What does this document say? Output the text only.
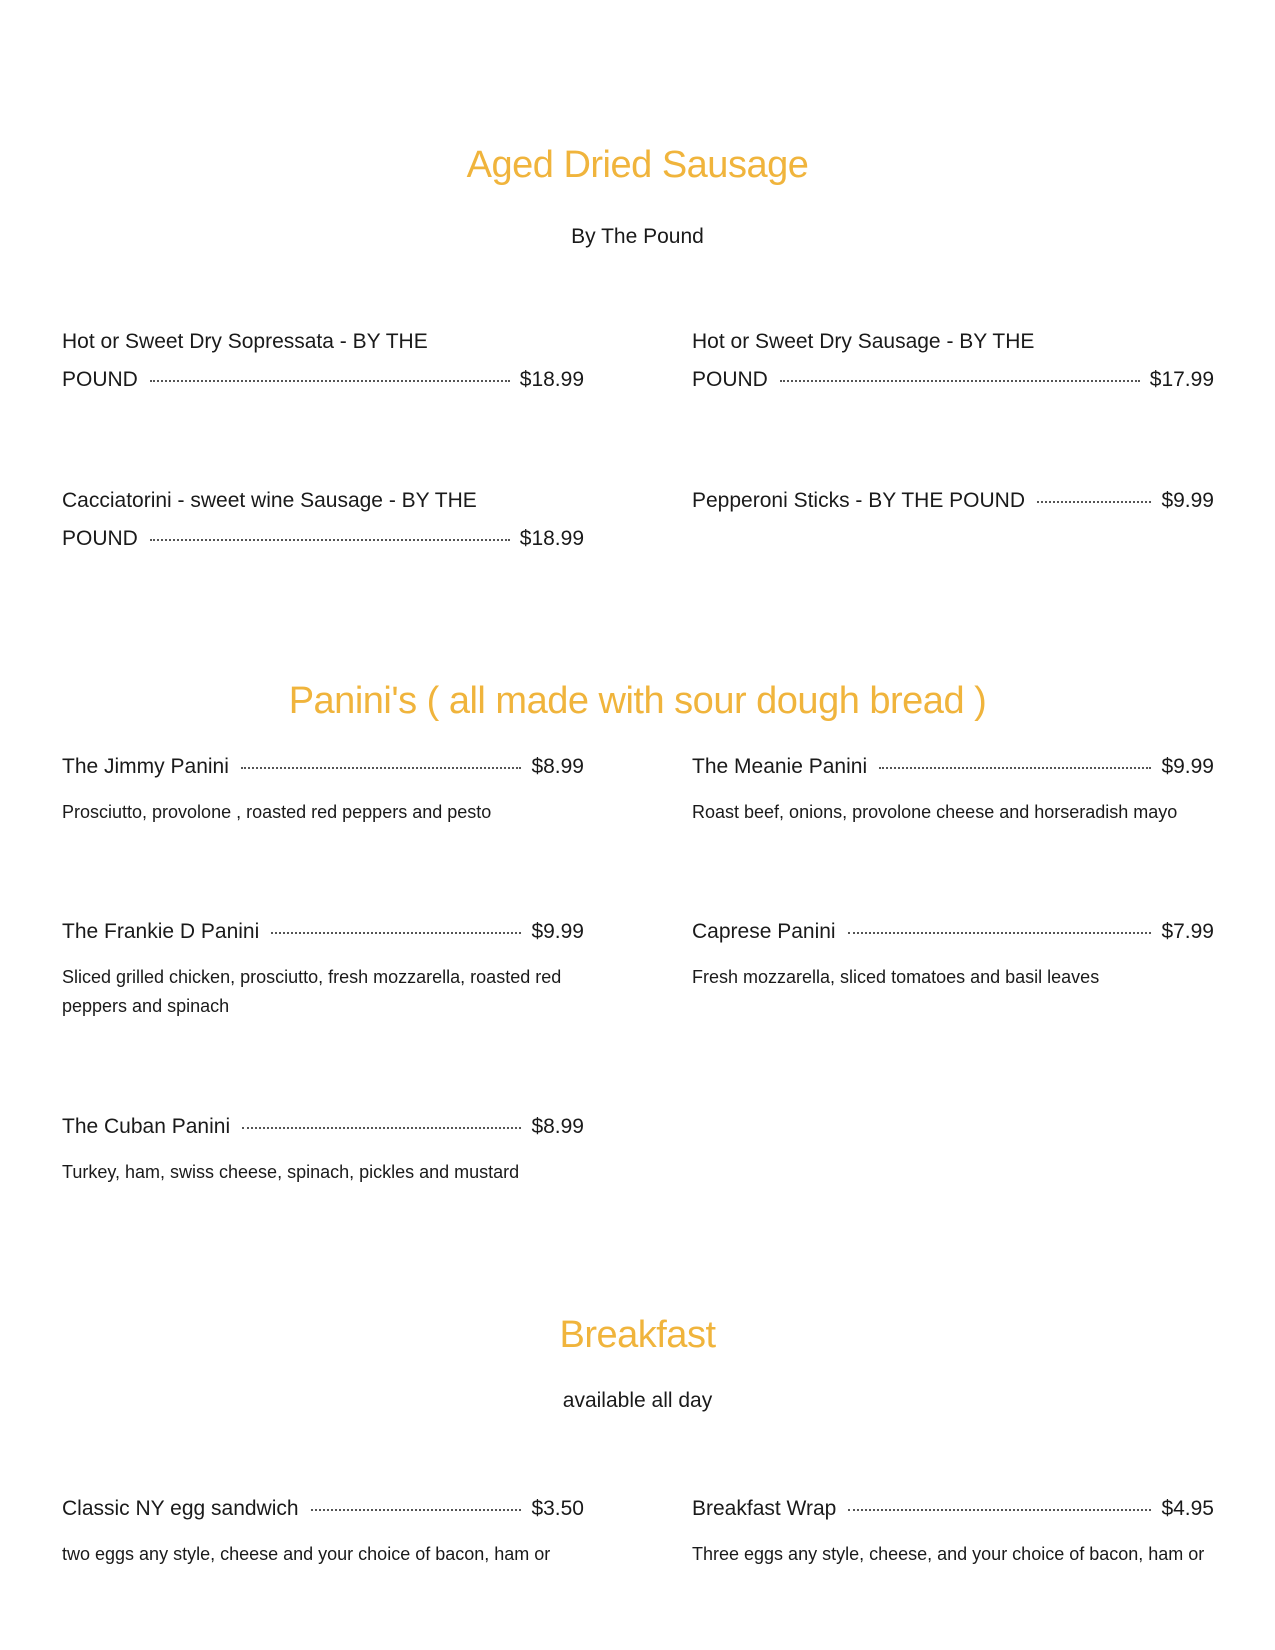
Aged Dried Sausage
By The Pound
Hot or Sweet Dry Sopressata - BY THE
POUND	$18.99
Hot or Sweet Dry Sausage - BY THE
POUND	$17.99
Cacciatorini - sweet wine Sausage - BY THE
POUND	$18.99
Pepperoni Sticks - BY THE POUND	$9.99
Panini's ( all made with sour dough bread )
The Jimmy Panini	$8.99
Prosciutto, provolone , roasted red peppers and pesto
The Meanie Panini	$9.99
Roast beef, onions, provolone cheese and horseradish mayo
The Frankie D Panini	$9.99
Sliced grilled chicken, prosciutto, fresh mozzarella, roasted red peppers and spinach
Caprese Panini	$7.99
Fresh mozzarella, sliced tomatoes and basil leaves
The Cuban Panini	$8.99
Turkey, ham, swiss cheese, spinach, pickles and mustard
Breakfast
available all day
Classic NY egg sandwich	$3.50
two eggs any style, cheese and your choice of bacon, ham or
Breakfast Wrap	$4.95
Three eggs any style, cheese, and your choice of bacon, ham or
